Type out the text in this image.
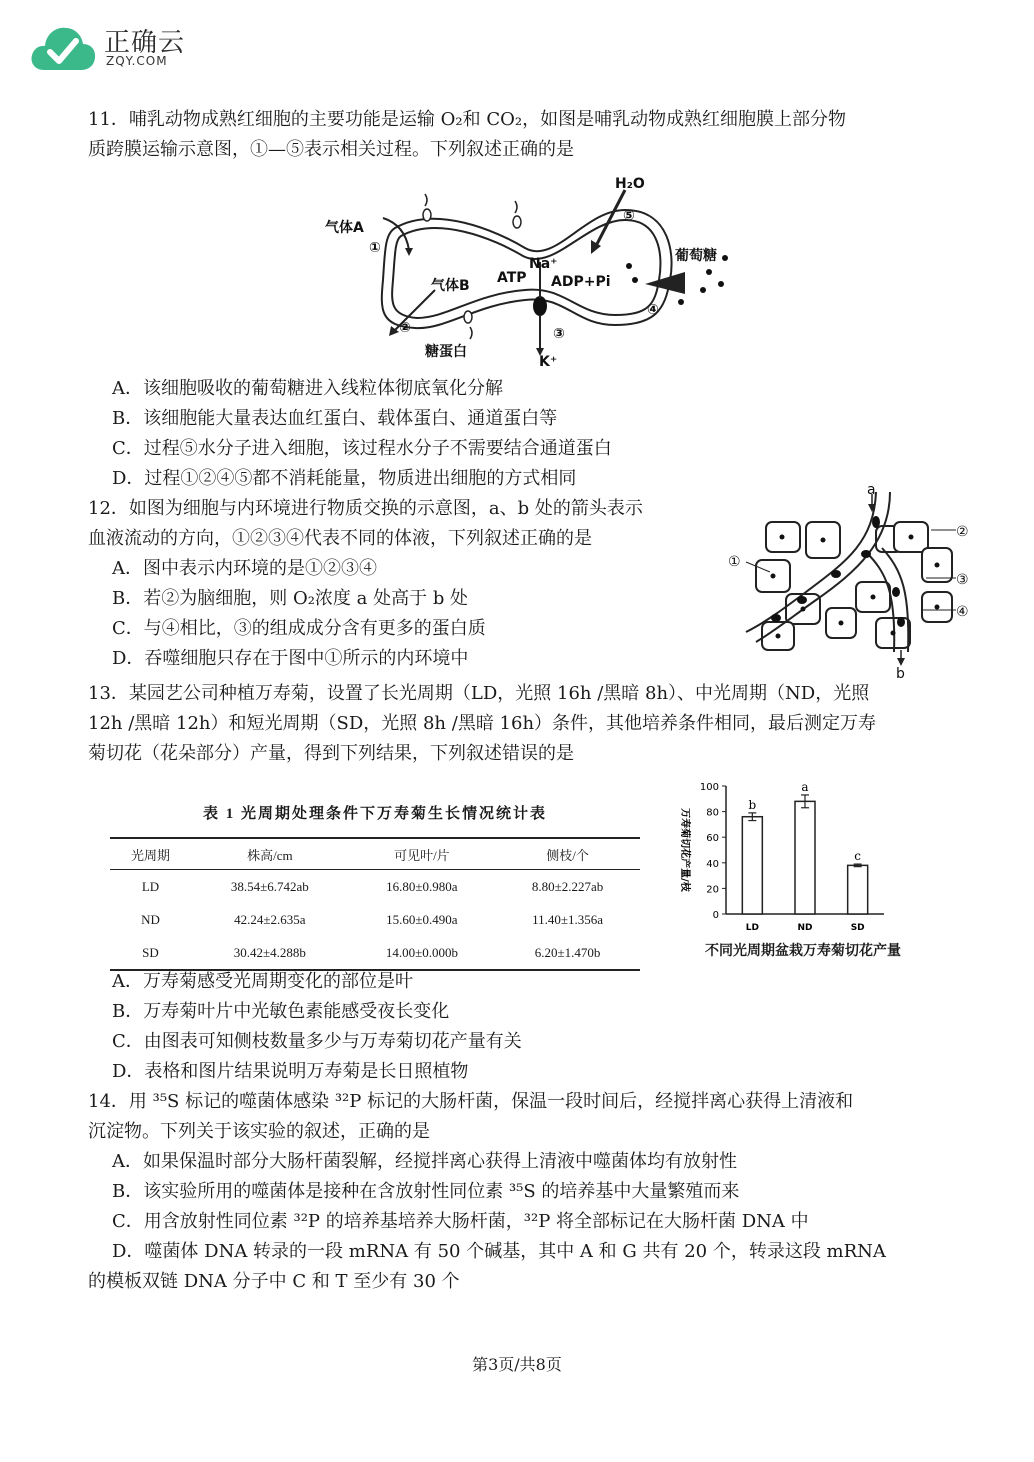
正确云
ZQY.COM
11．哺乳动物成熟红细胞的主要功能是运输 O₂和 CO₂，如图是哺乳动物成熟红细胞膜上部分物
质跨膜运输示意图，①—⑤表示相关过程。下列叙述正确的是
H₂O
⑤
气体A
①
Na⁺
ATP ADP+Pi
葡萄糖
气体B
④
②	③
糖蛋白
K⁺
A．该细胞吸收的葡萄糖进入线粒体彻底氧化分解
B．该细胞能大量表达血红蛋白、载体蛋白、通道蛋白等
C．过程⑤水分子进入细胞，该过程水分子不需要结合通道蛋白
D．过程①②④⑤都不消耗能量，物质进出细胞的方式相同
12．如图为细胞与内环境进行物质交换的示意图，a、b 处的箭头表示
血液流动的方向，①②③④代表不同的体液，下列叙述正确的是
A．图中表示内环境的是①②③④
B．若②为脑细胞，则 O₂浓度 a 处高于 b 处
C．与④相比，③的组成成分含有更多的蛋白质
D．吞噬细胞只存在于图中①所示的内环境中
a
b
①
②
③
④
13．某园艺公司种植万寿菊，设置了长光周期（LD，光照 16h /黑暗 8h）、中光周期（ND，光照
12h /黑暗 12h）和短光周期（SD，光照 8h /黑暗 16h）条件，其他培养条件相同，最后测定万寿
菊切花（花朵部分）产量，得到下列结果，下列叙述错误的是
表 1 光周期处理条件下万寿菊生长情况统计表
光周期	株高/cm	可见叶/片	侧枝/个
LD	38.54±6.742ab	16.80±0.980a	8.80±2.227ab
ND	42.24±2.635a	15.60±0.490a	11.40±1.356a
SD	30.42±4.288b	14.00±0.000b	6.20±1.470b
0
20
40
60
80
100
万寿菊切花产量/枝
b
LD
a
ND
c
SD
不同光周期盆栽万寿菊切花产量
A．万寿菊感受光周期变化的部位是叶
B．万寿菊叶片中光敏色素能感受夜长变化
C．由图表可知侧枝数量多少与万寿菊切花产量有关
D．表格和图片结果说明万寿菊是长日照植物
14．用 ³⁵S 标记的噬菌体感染 ³²P 标记的大肠杆菌，保温一段时间后，经搅拌离心获得上清液和
沉淀物。下列关于该实验的叙述，正确的是
A．如果保温时部分大肠杆菌裂解，经搅拌离心获得上清液中噬菌体均有放射性
B．该实验所用的噬菌体是接种在含放射性同位素 ³⁵S 的培养基中大量繁殖而来
C．用含放射性同位素 ³²P 的培养基培养大肠杆菌，³²P 将全部标记在大肠杆菌 DNA 中
D．噬菌体 DNA 转录的一段 mRNA 有 50 个碱基，其中 A 和 G 共有 20 个，转录这段 mRNA
的模板双链 DNA 分子中 C 和 T 至少有 30 个
第3页/共8页
